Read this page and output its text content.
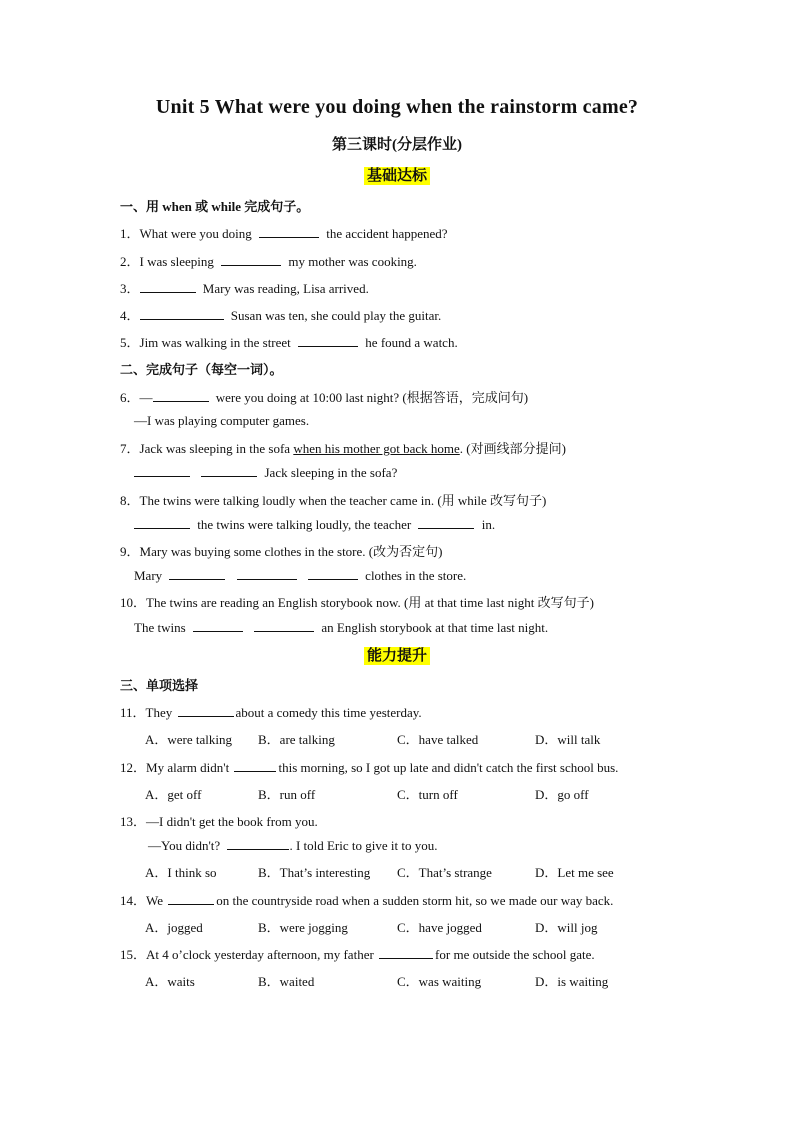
Unit 5 What were you doing when the rainstorm came?
第三课时(分层作业)
基础达标
一、用 when 或 while 完成句子。
1．What were you doing	the accident happened?
2．I was sleeping	my mother was cooking.
3．	Mary was reading, Lisa arrived.
4．	Susan was ten, she could play the guitar.
5．Jim was walking in the street	he found a watch.
二、完成句子（每空一词）。
6．—	were you doing at 10:00 last night? (根据答语，完成问句)
—I was playing computer games.
7．Jack was sleeping in the sofa when his mother got back home. (对画线部分提问)
Jack sleeping in the sofa?
8．The twins were talking loudly when the teacher came in. (用 while 改写句子)
the twins were talking loudly, the teacher	in.
9．Mary was buying some clothes in the store. (改为否定句)
Mary	clothes in the store.
10．The twins are reading an English storybook now. (用 at that time last night 改写句子)
The twins	an English storybook at that time last night.
能力提升
三、单项选择
11．They	about a comedy this time yesterday.
A．were talking B．are talking	C．have talked	D．will talk
12．My alarm didn't	this morning, so I got up late and didn't catch the first school bus.
A．get off	B．run off	C．turn off	D．go off
13．—I didn't get the book from you.
—You didn't?	. I told Eric to give it to you.
A．I think so	B．That’s interesting C．That’s strange	D．Let me see
14．We	on the countryside road when a sudden storm hit, so we made our way back.
A．jogged	B．were jogging	C．have jogged	D．will jog
15．At 4 o’clock yesterday afternoon, my father	for me outside the school gate.
A．waits	B．waited	C．was waiting	D．is waiting
